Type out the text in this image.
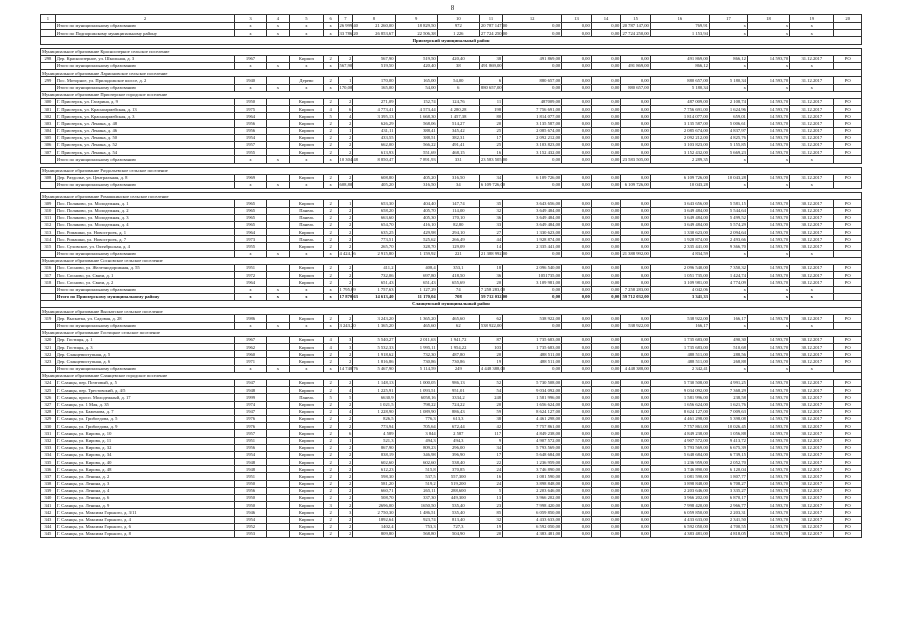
8
1	2	3	4	5	6	7	8	9	10	11	12	13	14	15	16	17	18	19	20
	Итого по муниципальному образованию	x	x	x	x	26 999,40	21 260,00	18 829,50	972	20 787 147,00	0,00	0,00	0,00	20 787 147,00	769,91	x	x	x	
	Итого по Подпорожскому муниципальному району	x	x	x	x	33 786,20	26 853,67	22 506,38	1 226	27 724 250,00	0,00	0,00	0,00	27 724 250,00	1 153,94	x	x	x	
Приозерский муниципальный район																			

Муниципальное образование Красноозерное сельское поселение																			
298	Дер. Красноозерное, ул. Школьная, д. 3	1967		Кирпич	2	2	567,90	519,50	420,40	38	491 869,00	0,00	0,00	0,00	491 869,00	866,12	14 593,70	31.12.2017	РО
	Итого по муниципальному образованию	x	x	x	x	567,90	519,50	420,40	38	491 869,00	0,00	0,00	0,00	491 869,00	866,12	x	x	x	
Муниципальное образование Ларионовское сельское поселение																			
299	Пос. Моторное, ул. Приладожское шоссе, д. 2	1940		Дерево	2	1	170,00	165,00	54,00	6	880 657,00	0,00	0,00	0,00	880 657,00	5 180,34	14 593,70	31.12.2017	РО
	Итого по муниципальному образованию	x	x	x	x	170,00	165,00	54,00	6	880 657,00	0,00	0,00	0,00	880 657,00	5 180,34	x	x	x	
Муниципальное образование Приозерское городское поселение																			
300	Г. Приозерск, ул. Гагарина, д. 9	1950		Кирпич	2	2	271,09	152,74	124,76	11	487009,00	0,00	0,00	0,00	487 009,00	2 108,74	14 593,70	31.12.2017	РО
301	Г. Приозерск, ул. Красноармейская, д. 13	1975		Кирпич	4	6	4 773,41	4 573,44	4 280,28	198	7 756 691,00	0,00	0,00	0,00	7 756 691,00	1 624,96	14 593,70	31.12.2017	РО
302	Г. Приозерск, ул. Красноармейская, д. 3	1964		Кирпич	5	4	3 395,13	1 668,30	1 457,38	80	1 814 077,00	0,00	0,00	0,00	1 814 077,00	659,01	14 593,70	31.12.2017	РО
303	Г. Приозерск, ул. Ленина, д. 48	1956		Кирпич	2	2	626,29	568,06	514,27	20	3 135 587,00	0,00	0,00	0,00	3 135 587,00	5 006,61	14 593,70	31.12.2017	РО
304	Г. Приозерск, ул. Ленина, д. 46	1956		Кирпич	2	1	431,11	388,41	345,42	25	2 085 674,00	0,00	0,00	0,00	2 085 674,00	4 837,97	14 593,70	31.12.2017	РО
305	Г. Приозерск, ул. Ленина, д. 50	1954		Кирпич	2	2	433,55	388,51	382,31	17	2 092 212,00	0,00	0,00	0,00	2 092 212,00	4 825,76	14 593,70	31.12.2017	РО
306	Г. Приозерск, ул. Ленина, д. 52	1957		Кирпич	2	2	662,00	566,22	491,41	25	3 103 823,00	0,00	0,00	0,00	3 103 823,00	5 155,85	14 593,70	31.12.2017	РО
307	Г. Приозерск, ул. Ленина, д. 54	1955		Кирпич	2	2	613,93	551,69	468,15	16	3 152 432,00	0,00	0,00	0,00	3 152 432,00	5 669,23	14 593,70	31.12.2017	РО
	Итого по муниципальному образованию	x	x	x	x	10 304,48	8 850,47	7 891,93	331	23 583 505,00	0,00	0,00	0,00	23 583 505,00	2 289,35	x	x	x	

Муниципальное образование Раздольевское сельское поселение																			
308	Дер. Раздолье, ул. Центральная, д. 8	1969		Кирпич	2	2	608,80	405,20	316,50	34	6 109 726,00	0,00	0,00	0,00	6 109 726,00	10 043,28	14 593,70	31.12.2017	РО
	Итого по муниципальному образованию	x	x	x	x	608,80	405,20	316,50	34	6 109 726,00	0,00	0,00	0,00	6 109 726,00	10 043,28	x	x	x	

Муниципальное образование Ромашкинское сельское поселение																			
309	Пос. Поляково, ул. Молодежная, д. 1	1965		Кирпич	2	1	653,30	404,40	147,74	35	3 643 656,00	0,00	0,00	0,00	3 643 656,00	5 581,15	14 593,70	30.12.2017	РО
310	Пос. Поляково, ул. Молодежная, д. 2	1965		Панель	2	2	658,20	405,70	114,00	32	3 649 484,00	0,00	0,00	0,00	3 649 484,00	5 544,64	14 593,70	30.12.2017	РО
311	Пос. Поляково, ул. Молодежная, д. 3	1965		Панель	2	2	663,60	405,30	170,10	36	3 649 484,00	0,00	0,00	0,00	3 649 484,00	5 499,52	14 593,70	30.12.2017	РО
312	Пос. Поляково, ул. Молодежная, д. 4	1965		Панель	2	2	654,70	416,10	82,80	33	3 649 484,00	0,00	0,00	0,00	3 649 484,00	5 574,29	14 593,70	30.12.2017	РО
313	Пос. Ромашки, ул. Новостроек, д. 1	1964		Кирпич	2	2	635,25	429,98	294,10	27	1 330 623,00	0,00	0,00	0,00	1 330 623,00	2 094,64	14 593,70	30.12.2017	РО
314	Пос. Ромашки, ул. Новостроек, д. 7	1973		Панель	2	2	773,51	525,62	266,49	44	1 928 874,00	0,00	0,00	0,00	1 928 874,00	2 493,66	14 593,70	30.12.2017	РО
315	Пос. Суховское, ул. Октябрьская, д. 4	1955		Кирпич	2	2	265,70	328,70	129,09	14	2 335 441,00	0,00	0,00	0,00	2 335 441,00	9 366,70	14 593,70	30.12.2017	РО
	Итого по муниципальному образованию	x	x	x	x	4 424,16	2 915,80	1 159,92	221	21 388 992,00	0,00	0,00	0,00	21 388 992,00	4 834,59	x	x	x	
Муниципальное образование Сосновское сельское поселение																			
316	Пос. Сосново, ул. Железнодорожная, д. 55	1951		Кирпич	2	2	411,2	408,4	353,1	18	2 096 540,00	0,00	0,00	0,00	2 096 540,00	7 350,32	14 593,70	30.12.2017	РО
317	Пос. Сосново, ул. Связи, д. 1	1972		Кирпич	2	2	732,06	697,80	418,50	36	1051735,00	0,00	0,00	0,00	1 051 735,00	1 424,74	14 593,70	30.12.2017	РО
318	Пос. Сосново, ул. Связи, д. 2	1964		Кирпич	2	2	651,43	651,43	655,69	20	3 109 981,00	0,00	0,00	0,00	3 109 981,00	4 774,09	14 593,70	30.12.2017	РО
	Итого по муниципальному образованию	x	x	x	x	1 795,69	1 757,63	1 127,29	74	7 258 283,00	0,00	0,00	0,00	7 258 283,00	4 042,06	x	x	x	
	Итого по Приозерскому муниципальному району	x	x	x	x	17 870,63	14 613,40	11 170,04	708	59 712 032,00	0,00	0,00	0,00	59 712 032,00	3 341,33	x	x	x	
Сланцевский муниципальный район																			
Муниципальное образование Выскатское сельское поселение																			
319	Дер. Выскатка, ул. Садовая, д. 28	1986		Кирпич	2	2	3 243,20	1 365,20	465,60	62	538 922,00	0,00	0,00	0,00	538 922,00	166,17	14 593,70	30.12.2017	РО
	Итого по муниципальному образованию	x	x	x	x	3 243,20	1 365,20	465,60	62	538 922,00	0,00	0,00	0,00	538 922,00	166,17	x	x	x	
Муниципальное образование Гостицкое сельское поселение																			
320	Дер. Гостицы, д. 1	1967		Кирпич	4	3	5 540,27	2 011,63	1 941,72	87	1 735 683,00	0,00	0,00	0,00	1 735 683,00	490,30	14 593,70	30.12.2017	РО
321	Дер. Гостицы, д. 3	1962		Кирпич	4	3	5 532,33	1 995,11	1 954,22	103	1 735 683,00	0,00	0,00	0,00	1 735 683,00	510,68	14 593,70	30.12.2017	РО
322	Дер. Сланцевиступная, д. 5	1960		Кирпич	2	2	1 918,62	732,30	487,80	20	488 511,00	0,00	0,00	0,00	488 511,00	288,56	14 593,70	30.12.2017	РО
323	Дер. Сланцевиступная, д. 6	1971		Кирпич	2	2	1 816,86	730,86	730,86	19	488 511,00	0,00	0,00	0,00	488 511,00	268,88	14 593,70	30.12.2017	РО
	Итого по муниципальному образованию	x	x	x	x	14 748,76	5 467,90	5 114,59	249	4 448 388,00	0,00	0,00	0,00	4 448 388,00	2 342,41	x	x	x	
Муниципальное образование Сланцевское городское поселение																			
324	Г. Сланцы, пер. Почтовый, д. 5	1947		Кирпич	2	2	1 148,13	1 000,05	986,13	52	5 730 508,00	0,00	0,00	0,00	5 730 508,00	4 991,25	14 593,70	30.12.2017	РО
325	Г. Сланцы, пер. Трестовский, д. 4/5	1948		Кирпич	2	4	1 225,91	1 093,51	951,01	54	9 034 092,00	0,00	0,00	0,00	9 034 092,00	7 368,29	14 593,70	30.12.2017	РО
326	Г. Сланцы, просп. Молодежный, д. 17	1999		Панель	5	5	6630,9	6058,16	3334,2	248	1 581 996,00	0,00	0,00	0,00	1 581 996,00	238,58	14 593,70	30.12.2017	РО
327	Г. Сланцы, ул. 1 Мая, д. 35	1974		Кирпич	2	2	1 021,5	798,22	724,22	20	1 656 624,00	0,00	0,00	0,00	1 656 624,00	1 621,76	14 593,70	30.12.2017	РО
328	Г. Сланцы, ул. Баженова, д. 7	1947		Кирпич	2	4	1 228,90	1 089,90	886,43	59	8 624 127,00	0,00	0,00	0,00	8 624 127,00	7 009,63	14 593,70	30.12.2017	РО
329	Г. Сланцы, ул. Грибоедова, д. 5	1976		Кирпич	2	2	826,5	776,3	613,3	38	4 461 298,00	0,00	0,00	0,00	4 461 298,00	5 398,08	14 593,70	30.12.2017	РО
330	Г. Сланцы, ул. Грибоедова, д. 9	1976		Кирпич	2	2	773,94	705,64	672,44	42	7 757 861,00	0,00	0,00	0,00	7 757 861,00	10 026,45	14 593,70	30.12.2017	РО
331	Г. Сланцы, ул. Кирова, д. 10	1957		Кирпич	2	6	4 589	3 844	2 587	117	4 849 238,00	0,00	0,00	0,00	4 849 238,00	1 056,88	14 593,70	30.12.2017	РО
332	Г. Сланцы, ул. Кирова, д. 11	1951		Кирпич	2	1	521,3	494,3	494,3	9	4 907 572,00	0,00	0,00	0,00	4 907 572,00	9 413,72	14 593,70	30.12.2017	РО
333	Г. Сланцы, ул. Кирова, д. 32	1956		Кирпич	2	2	867,90	809,23	296,00	34	5 793 569,00	0,00	0,00	0,00	5 793 569,00	6 675,39	14 593,70	30.12.2017	РО
334	Г. Сланцы, ул. Кирова, д. 34	1954		Кирпич	2	2	838,19	346,98	396,90	17	5 648 684,00	0,00	0,00	0,00	5 648 684,00	6 739,15	14 593,70	30.12.2017	РО
335	Г. Сланцы, ул. Кирова, д. 40	1948		Кирпич	2	2	602,60	602,60	538,40	22	1 236 959,00	0,00	0,00	0,00	1 236 959,00	2 052,70	14 593,70	30.12.2017	РО
336	Г. Сланцы, ул. Кирова, д. 48	1948		Кирпич	2	2	612,23	515,8	370,85	24	3 746 890,00	0,00	0,00	0,00	3 746 890,00	6 120,04	14 593,70	30.12.2017	РО
337	Г. Сланцы, ул. Ленина, д. 2	1951		Кирпич	2	2	598,30	537,5	557,300	16	1 081 590,00	0,00	0,00	0,00	1 081 590,00	1 807,77	14 593,70	30.12.2017	РО
338	Г. Сланцы, ул. Ленина, д. 3	1950		Кирпич	2	2	581,20	519,2	519,200	24	3 898 848,00	0,00	0,00	0,00	3 898 848,00	6 708,27	14 593,70	30.12.2017	РО
339	Г. Сланцы, ул. Ленина, д. 4	1956		Кирпич	2	2	660,71	265,11	288,600	5	2 203 646,00	0,00	0,00	0,00	2 203 646,00	3 335,27	14 593,70	30.12.2017	РО
340	Г. Сланцы, ул. Ленина, д. 6	1950		Кирпич	2	2	508,70	337,30	449,300	13	3 966 202,00	0,00	0,00	0,00	3 966 202,00	6 870,17	14 593,70	30.12.2017	РО
341	Г. Сланцы, ул. Ленина, д. 9	1950		Кирпич	3	2	2696,00	1650,50	535,40	23	7 998 420,00	0,00	0,00	0,00	7 998 420,00	2 966,77	14 593,70	30.12.2017	РО
342	Г. Сланцы, ул. Максима Горького, д. 3/11	1946		Кирпич	2	3	2 750,30	1 486,51	535,40	85	6 059 850,00	0,00	0,00	0,00	6 059 850,00	2 203,31	14 593,70	30.12.2017	РО
343	Г. Сланцы, ул. Максима Горького, д. 4	1954		Кирпич	2	2	1892,64	923,74	813,40	32	4 433 633,00	0,00	0,00	0,00	4 433 633,00	2 341,50	14 593,70	30.12.2017	РО
344	Г. Сланцы, ул. Максима Горького, д. 6	1952		Кирпич	2	2	1402,4	753,3	727,3	19	6 592 050,00	0,00	0,00	0,00	6 592 050,00	4 700,55	14 593,70	30.12.2017	РО
345	Г. Сланцы, ул. Максима Горького, д. 8	1953		Кирпич	2	2	809,80	568,80	504,90	20	4 383 481,00	0,00	0,00	0,00	4 383 481,00	4 818,05	14 593,70	30.12.2017	РО
